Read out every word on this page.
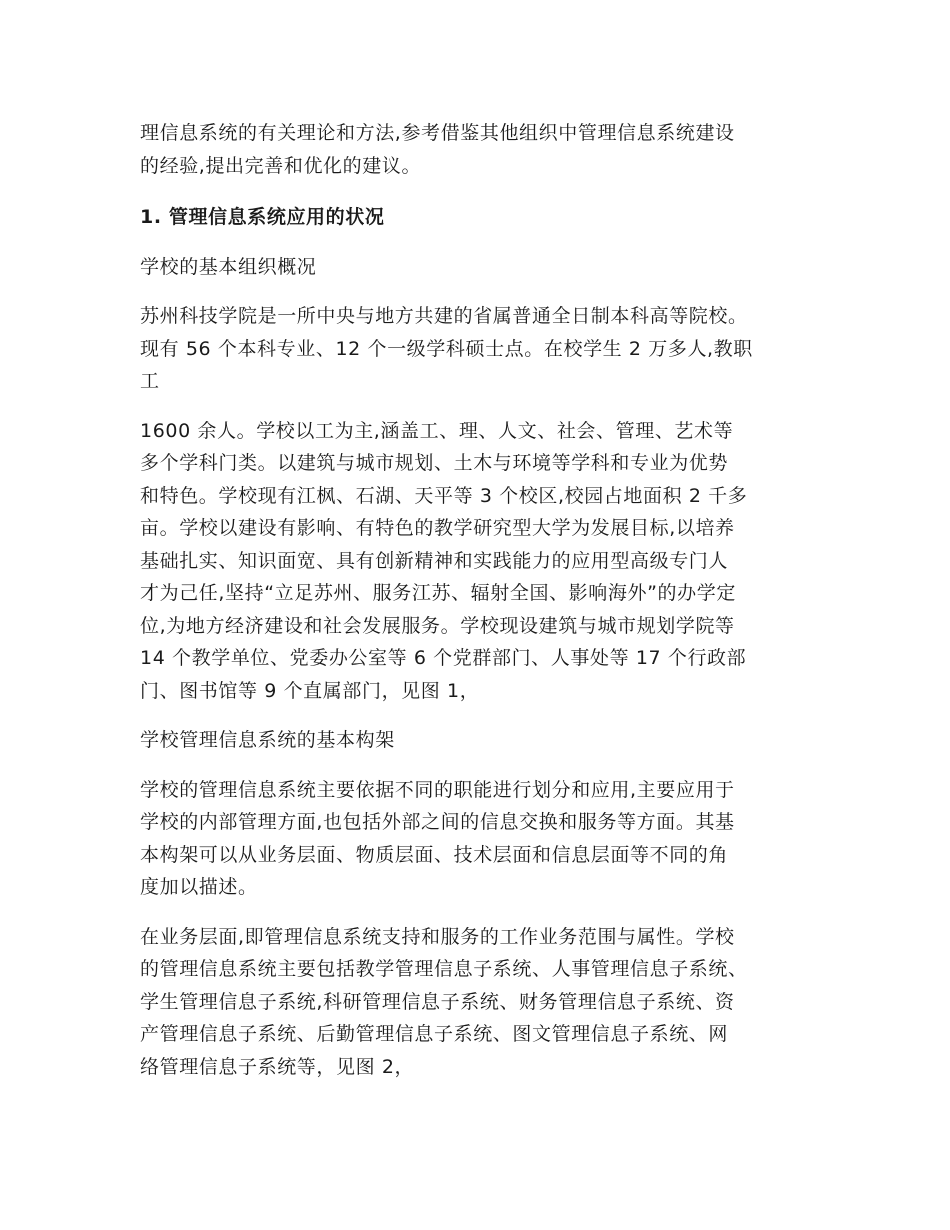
理信息系统的有关理论和方法,参考借鉴其他组织中管理信息系统建设
的经验,提出完善和优化的建议。

1. 管理信息系统应用的状况

学校的基本组织概况

苏州科技学院是一所中央与地方共建的省属普通全日制本科高等院校。
现有 56 个本科专业、12 个一级学科硕士点。在校学生 2 万多人,教职
工

1600 余人。学校以工为主,涵盖工、理、人文、社会、管理、艺术等
多个学科门类。以建筑与城市规划、土木与环境等学科和专业为优势
和特色。学校现有江枫、石湖、天平等 3 个校区,校园占地面积 2 千多
亩。学校以建设有影响、有特色的教学研究型大学为发展目标,以培养
基础扎实、知识面宽、具有创新精神和实践能力的应用型高级专门人
才为己任,坚持“立足苏州、服务江苏、辐射全国、影响海外”的办学定
位,为地方经济建设和社会发展服务。学校现设建筑与城市规划学院等
14 个教学单位、党委办公室等 6 个党群部门、人事处等 17 个行政部
门、图书馆等 9 个直属部门，见图 1，

学校管理信息系统的基本构架

学校的管理信息系统主要依据不同的职能进行划分和应用,主要应用于
学校的内部管理方面,也包括外部之间的信息交换和服务等方面。其基
本构架可以从业务层面、物质层面、技术层面和信息层面等不同的角
度加以描述。

在业务层面,即管理信息系统支持和服务的工作业务范围与属性。学校
的管理信息系统主要包括教学管理信息子系统、人事管理信息子系统、
学生管理信息子系统,科研管理信息子系统、财务管理信息子系统、资
产管理信息子系统、后勤管理信息子系统、图文管理信息子系统、网
络管理信息子系统等，见图 2，
